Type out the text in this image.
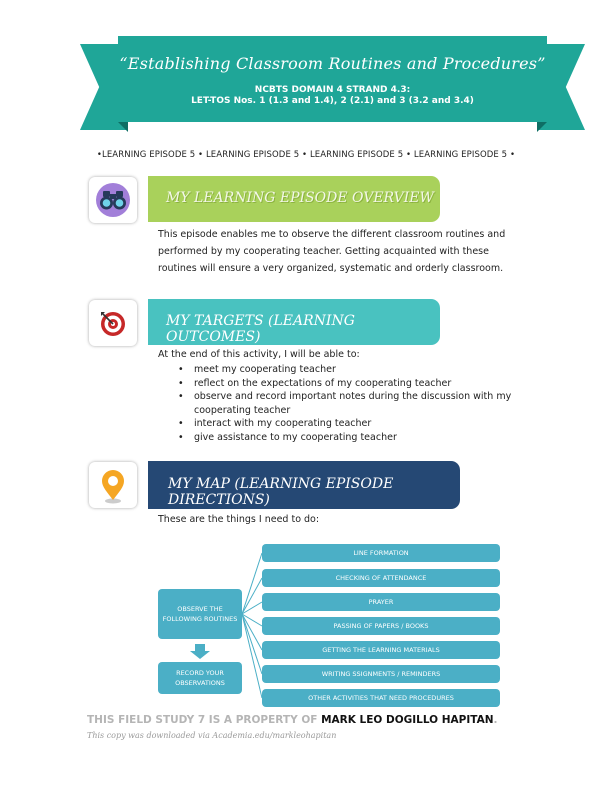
“Establishing Classroom Routines and Procedures”
NCBTS DOMAIN 4 STRAND 4.3:
LET-TOS Nos. 1 (1.3 and 1.4), 2 (2.1) and 3 (3.2 and 3.4)
•LEARNING EPISODE 5 • LEARNING EPISODE 5 • LEARNING EPISODE 5 • LEARNING EPISODE 5 •
MY LEARNING EPISODE OVERVIEW
This episode enables me to observe the different classroom routines and
performed by my cooperating teacher. Getting acquainted with these
routines will ensure a very organized, systematic and orderly classroom.
MY TARGETS (LEARNING OUTCOMES)
At the end of this activity, I will be able to:
• meet my cooperating teacher
• reflect on the expectations of my cooperating teacher
• observe and record important notes during the discussion with my cooperating teacher
• interact with my cooperating teacher
• give assistance to my cooperating teacher
MY MAP (LEARNING EPISODE DIRECTIONS)
These are the things I need to do:
OBSERVE THE FOLLOWING ROUTINES
RECORD YOUR OBSERVATIONS
LINE FORMATION
CHECKING OF ATTENDANCE
PRAYER
PASSING OF PAPERS / BOOKS
GETTING THE LEARNING MATERIALS
WRITING SSIGNMENTS / REMINDERS
OTHER ACTIVITIES THAT NEED PROCEDURES
THIS FIELD STUDY 7 IS A PROPERTY OF MARK LEO DOGILLO HAPITAN.
This copy was downloaded via Academia.edu/markleohapitan
